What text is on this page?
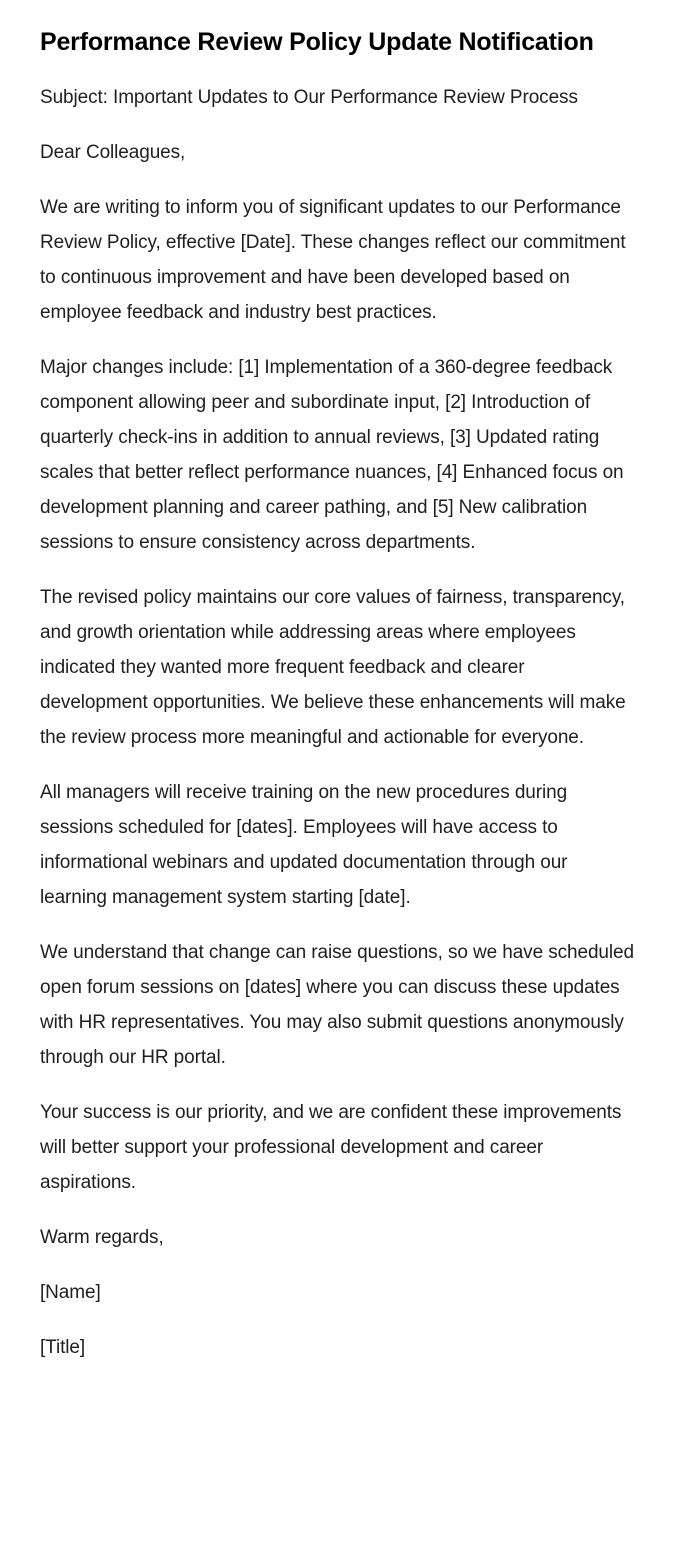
Performance Review Policy Update Notification

Subject: Important Updates to Our Performance Review Process

Dear Colleagues,

We are writing to inform you of significant updates to our Performance Review Policy, effective [Date]. These changes reflect our commitment to continuous improvement and have been developed based on employee feedback and industry best practices.

Major changes include: [1] Implementation of a 360-degree feedback component allowing peer and subordinate input, [2] Introduction of quarterly check-ins in addition to annual reviews, [3] Updated rating scales that better reflect performance nuances, [4] Enhanced focus on development planning and career pathing, and [5] New calibration sessions to ensure consistency across departments.

The revised policy maintains our core values of fairness, transparency, and growth orientation while addressing areas where employees indicated they wanted more frequent feedback and clearer development opportunities. We believe these enhancements will make the review process more meaningful and actionable for everyone.

All managers will receive training on the new procedures during sessions scheduled for [dates]. Employees will have access to informational webinars and updated documentation through our learning management system starting [date].

We understand that change can raise questions, so we have scheduled open forum sessions on [dates] where you can discuss these updates with HR representatives. You may also submit questions anonymously through our HR portal.

Your success is our priority, and we are confident these improvements will better support your professional development and career aspirations.

Warm regards,

[Name]

[Title]
